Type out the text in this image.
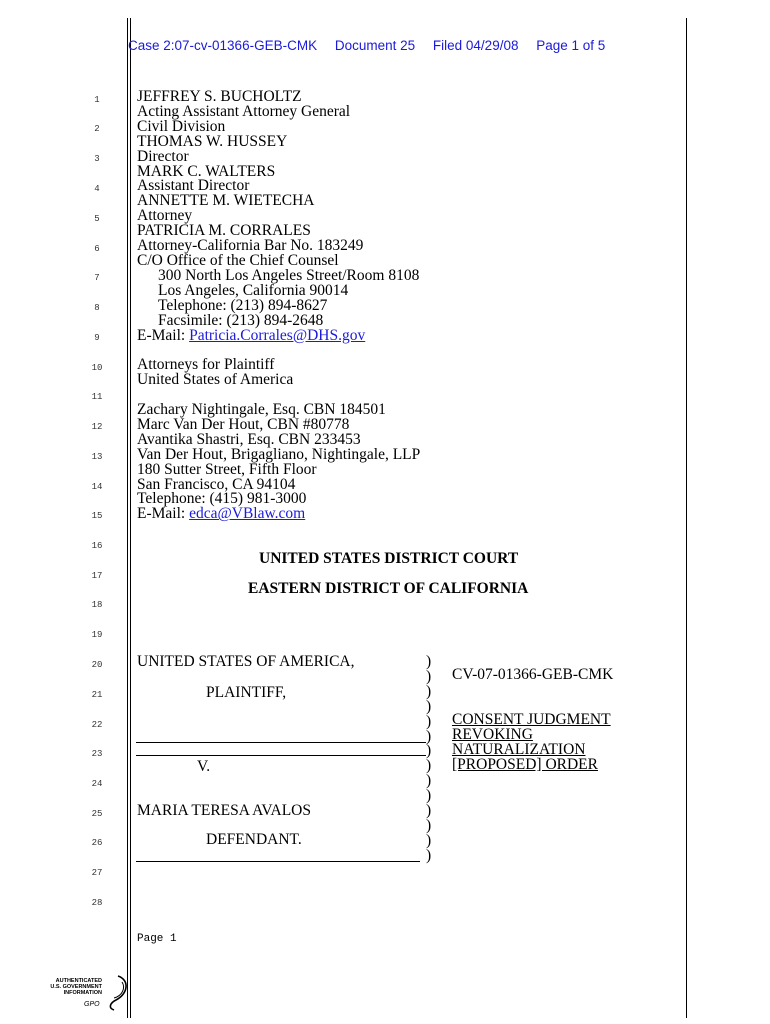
Case 2:07-cv-01366-GEB-CMK Document 25 Filed 04/29/08 Page 1 of 5
1
2
3
4
5
6
7
8
9
10
11
12
13
14
15
16
17
18
19
20
21
22
23
24
25
26
27
28
JEFFREY S. BUCHOLTZ
Acting Assistant Attorney General
Civil Division
THOMAS W. HUSSEY
Director
MARK C. WALTERS
Assistant Director
ANNETTE M. WIETECHA
Attorney
PATRICIA M. CORRALES
Attorney-California Bar No. 183249
C/O Office of the Chief Counsel
300 North Los Angeles Street/Room 8108
Los Angeles, California 90014
Telephone: (213) 894-8627
Facsimile: (213) 894-2648
E-Mail: Patricia.Corrales@DHS.gov
Attorneys for Plaintiff
United States of America
Zachary Nightingale, Esq. CBN 184501
Marc Van Der Hout, CBN #80778
Avantika Shastri, Esq. CBN 233453
Van Der Hout, Brigagliano, Nightingale, LLP
180 Sutter Street, Fifth Floor
San Francisco, CA 94104
Telephone: (415) 981-3000
E-Mail: edca@VBlaw.com
UNITED STATES DISTRICT COURT
EASTERN DISTRICT OF CALIFORNIA
UNITED STATES OF AMERICA,
PLAINTIFF,
V.
MARIA TERESA AVALOS
DEFENDANT.
)
)
)
)
)
)
)
)
)
)
)
)
)
)
CV-07-01366-GEB-CMK
CONSENT JUDGMENT
REVOKING
NATURALIZATION
[PROPOSED] ORDER
Page 1
AUTHENTICATED
U.S. GOVERNMENT
INFORMATION
GPO
